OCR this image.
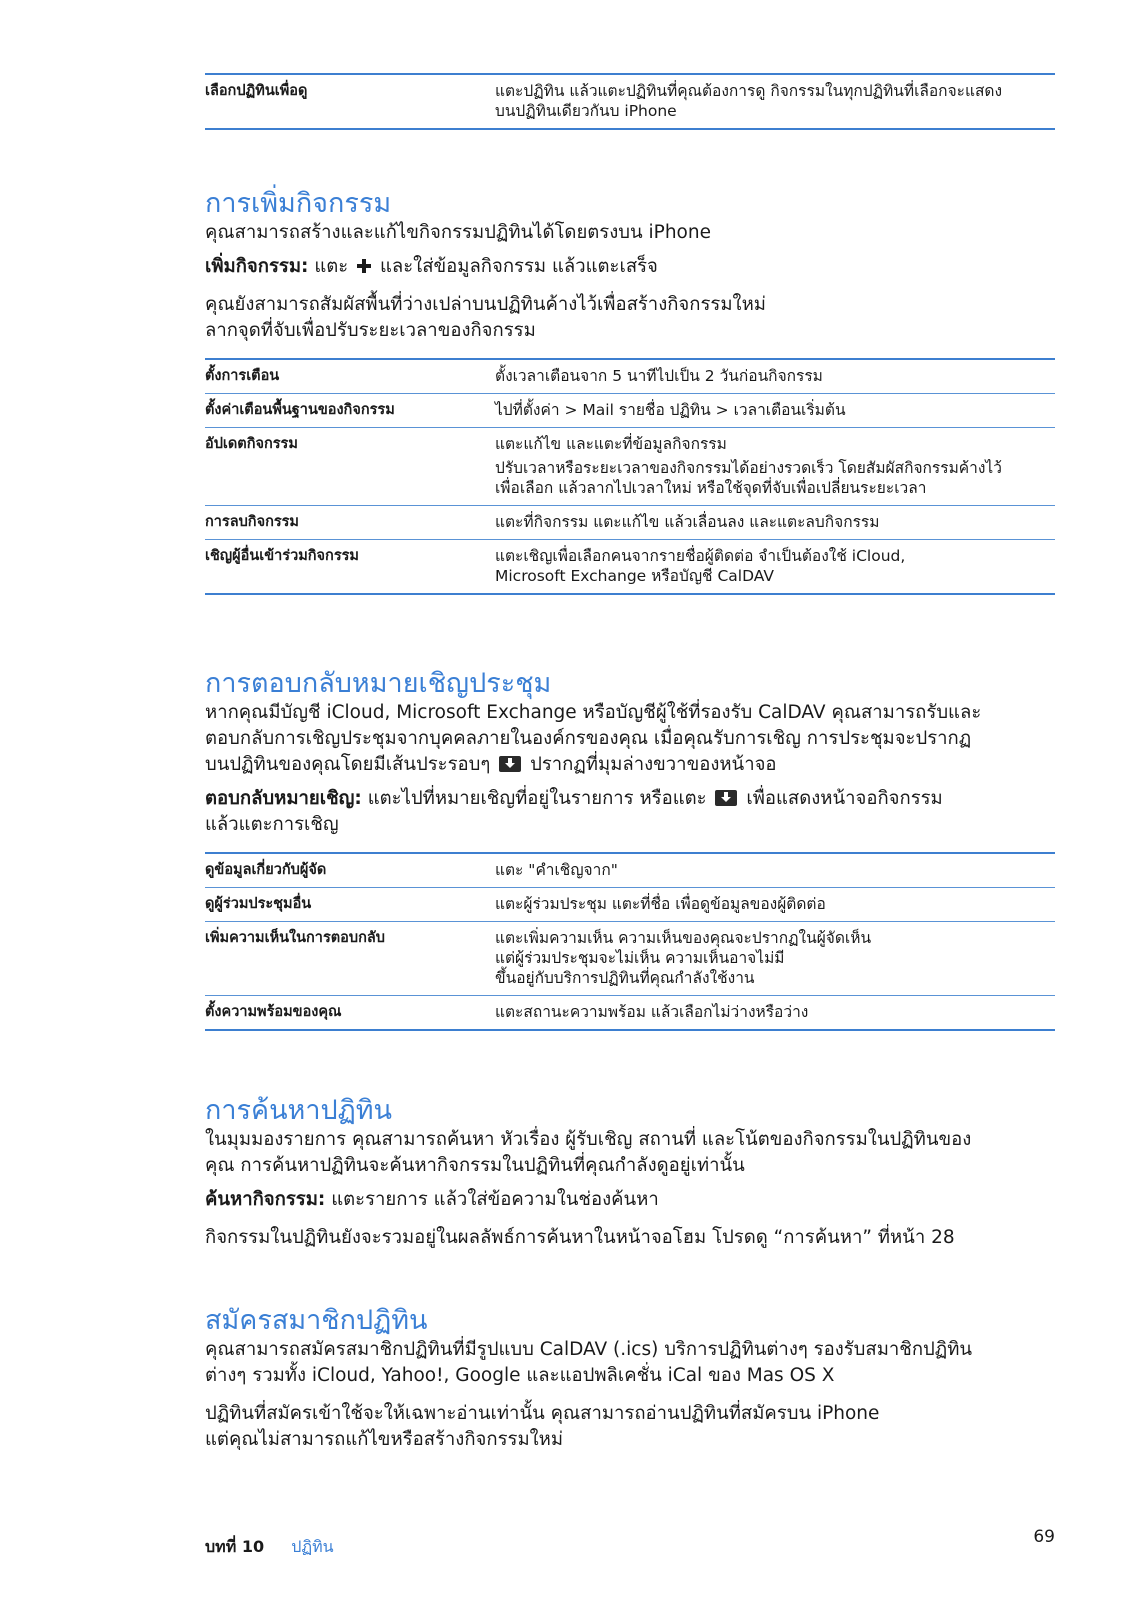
เลือกปฏิทินเพื่อดู	แตะปฏิทิน แล้วแตะปฏิทินที่คุณต้องการดู กิจกรรมในทุกปฏิทินที่เลือกจะแสดง
บนปฏิทินเดียวกันบ iPhone
การเพิ่มกิจกรรม

คุณสามารถสร้างและแก้ไขกิจกรรมปฏิทินได้โดยตรงบน iPhone

เพิ่มกิจกรรม: แตะ และใส่ข้อมูลกิจกรรม แล้วแตะเสร็จ

คุณยังสามารถสัมผัสพื้นที่ว่างเปล่าบนปฏิทินค้างไว้เพื่อสร้างกิจกรรมใหม่
ลากจุดที่จับเพื่อปรับระยะเวลาของกิจกรรม

ตั้งการเตือน	ตั้งเวลาเตือนจาก 5 นาทีไปเป็น 2 วันก่อนกิจกรรม
ตั้งค่าเตือนพื้นฐานของกิจกรรม	ไปที่ตั้งค่า > Mail รายชื่อ ปฏิทิน > เวลาเตือนเริ่มต้น
อัปเดตกิจกรรม	แตะแก้ไข และแตะที่ข้อมูลกิจกรรม
ปรับเวลาหรือระยะเวลาของกิจกรรมได้อย่างรวดเร็ว โดยสัมผัสกิจกรรมค้างไว้
เพื่อเลือก แล้วลากไปเวลาใหม่ หรือใช้จุดที่จับเพื่อเปลี่ยนระยะเวลา
การลบกิจกรรม	แตะที่กิจกรรม แตะแก้ไข แล้วเลื่อนลง และแตะลบกิจกรรม
เชิญผู้อื่นเข้าร่วมกิจกรรม	แตะเชิญเพื่อเลือกคนจากรายชื่อผู้ติดต่อ จำเป็นต้องใช้ iCloud,
Microsoft Exchange หรือบัญชี CalDAV
การตอบกลับหมายเชิญประชุม

หากคุณมีบัญชี iCloud, Microsoft Exchange หรือบัญชีผู้ใช้ที่รองรับ CalDAV คุณสามารถรับและ
ตอบกลับการเชิญประชุมจากบุคคลภายในองค์กรของคุณ เมื่อคุณรับการเชิญ การประชุมจะปรากฏ
บนปฏิทินของคุณโดยมีเส้นประรอบๆ ปรากฏที่มุมล่างขวาของหน้าจอ

ตอบกลับหมายเชิญ: แตะไปที่หมายเชิญที่อยู่ในรายการ หรือแตะ เพื่อแสดงหน้าจอกิจกรรม
แล้วแตะการเชิญ

ดูข้อมูลเกี่ยวกับผู้จัด	แตะ "คำเชิญจาก"
ดูผู้ร่วมประชุมอื่น	แตะผู้ร่วมประชุม แตะที่ชื่อ เพื่อดูข้อมูลของผู้ติดต่อ
เพิ่มความเห็นในการตอบกลับ	แตะเพิ่มความเห็น ความเห็นของคุณจะปรากฏในผู้จัดเห็น
แต่ผู้ร่วมประชุมจะไม่เห็น ความเห็นอาจไม่มี
ขึ้นอยู่กับบริการปฏิทินที่คุณกำลังใช้งาน
ตั้งความพร้อมของคุณ	แตะสถานะความพร้อม แล้วเลือกไม่ว่างหรือว่าง
การค้นหาปฏิทิน

ในมุมมองรายการ คุณสามารถค้นหา หัวเรื่อง ผู้รับเชิญ สถานที่ และโน้ตของกิจกรรมในปฏิทินของ
คุณ การค้นหาปฏิทินจะค้นหากิจกรรมในปฏิทินที่คุณกำลังดูอยู่เท่านั้น

ค้นหากิจกรรม: แตะรายการ แล้วใส่ข้อความในช่องค้นหา

กิจกรรมในปฏิทินยังจะรวมอยู่ในผลลัพธ์การค้นหาในหน้าจอโฮม โปรดดู “การค้นหา” ที่หน้า 28

สมัครสมาชิกปฏิทิน

คุณสามารถสมัครสมาชิกปฏิทินที่มีรูปแบบ CalDAV (.ics) บริการปฏิทินต่างๆ รองรับสมาชิกปฏิทิน
ต่างๆ รวมทั้ง iCloud, Yahoo!, Google และแอปพลิเคชั่น iCal ของ Mas OS X

ปฏิทินที่สมัครเข้าใช้จะให้เฉพาะอ่านเท่านั้น คุณสามารถอ่านปฏิทินที่สมัครบน iPhone
แต่คุณไม่สามารถแก้ไขหรือสร้างกิจกรรมใหม่

บทที่ 10 ปฏิทิน	69
